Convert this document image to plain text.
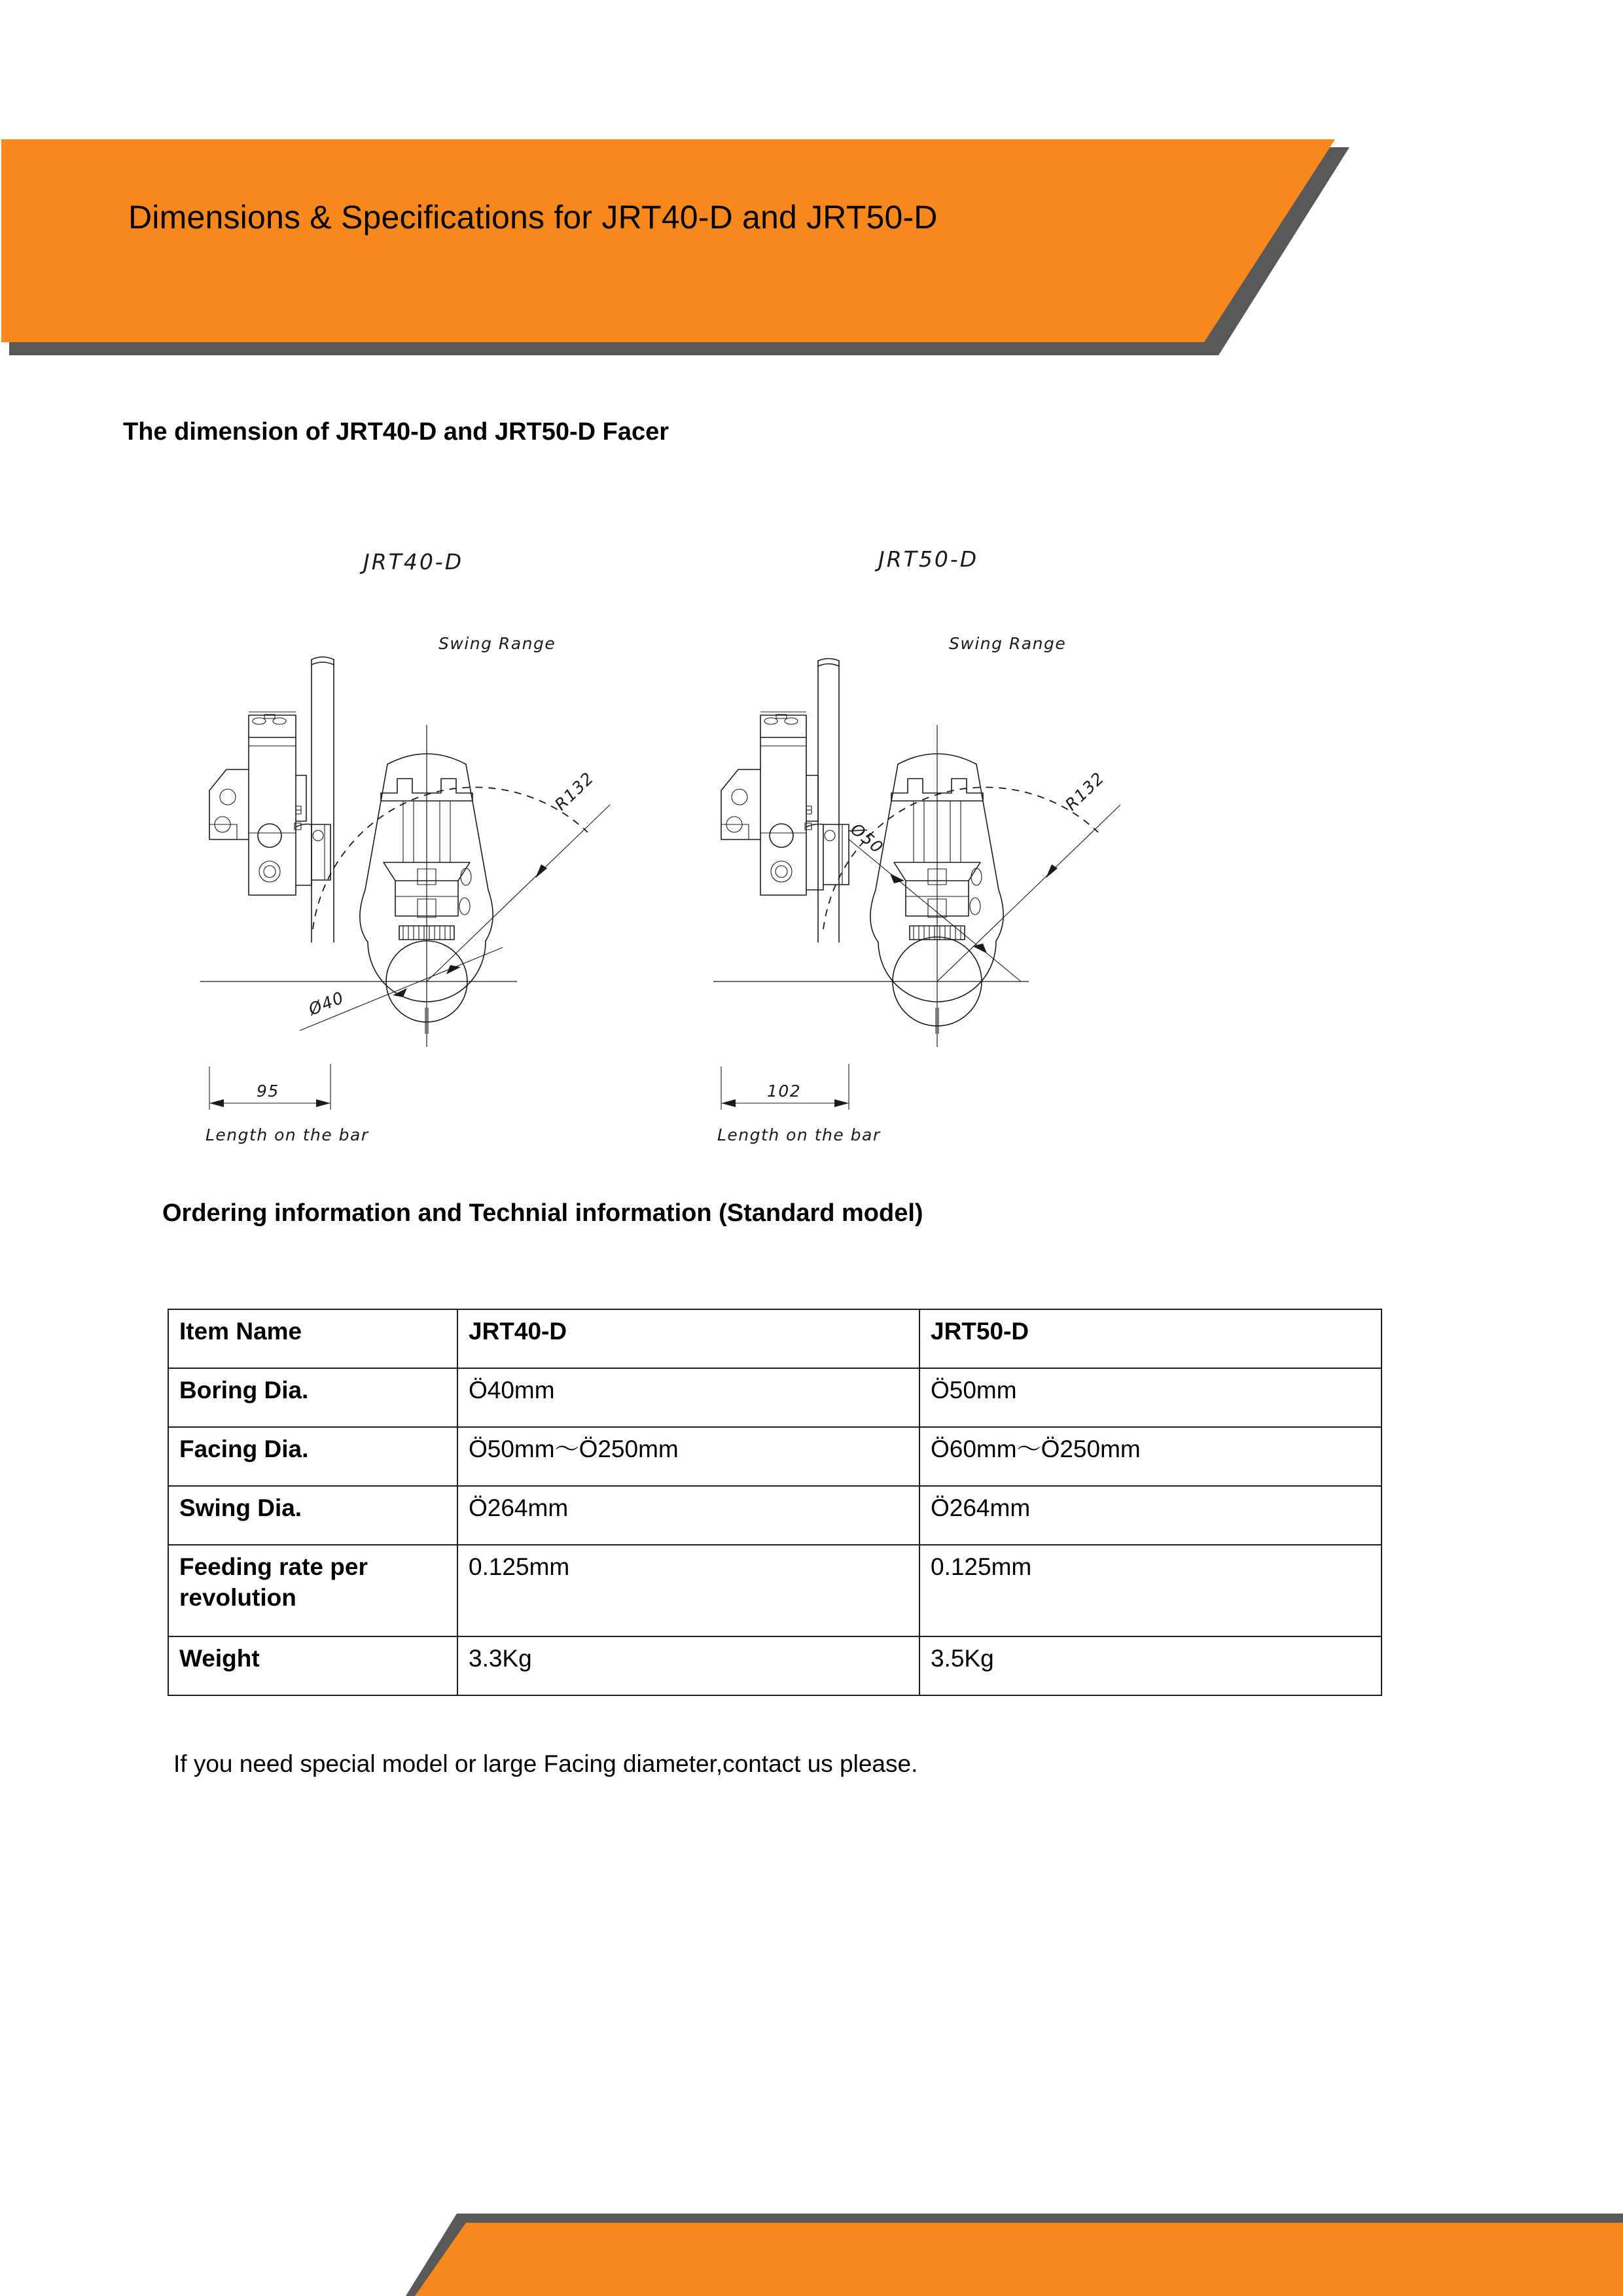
Dimensions & Specifications for JRT40-D and JRT50-D
The dimension of JRT40-D and JRT50-D Facer
JRT40-D
Ø40
R132
Swing Range
95
Length on the bar
JRT50-D
Ø50
R132
Swing Range
102
Length on the bar
Ordering information and Technial information (Standard model)
Item Name	JRT40-D	JRT50-D
Boring Dia.	Ö40mm	Ö50mm
Facing Dia.	Ö50mm～Ö250mm	Ö60mm～Ö250mm
Swing Dia.	Ö264mm	Ö264mm
Feeding rate per revolution	0.125mm	0.125mm
Weight	3.3Kg	3.5Kg
If you need special model or large Facing diameter,contact us please.
